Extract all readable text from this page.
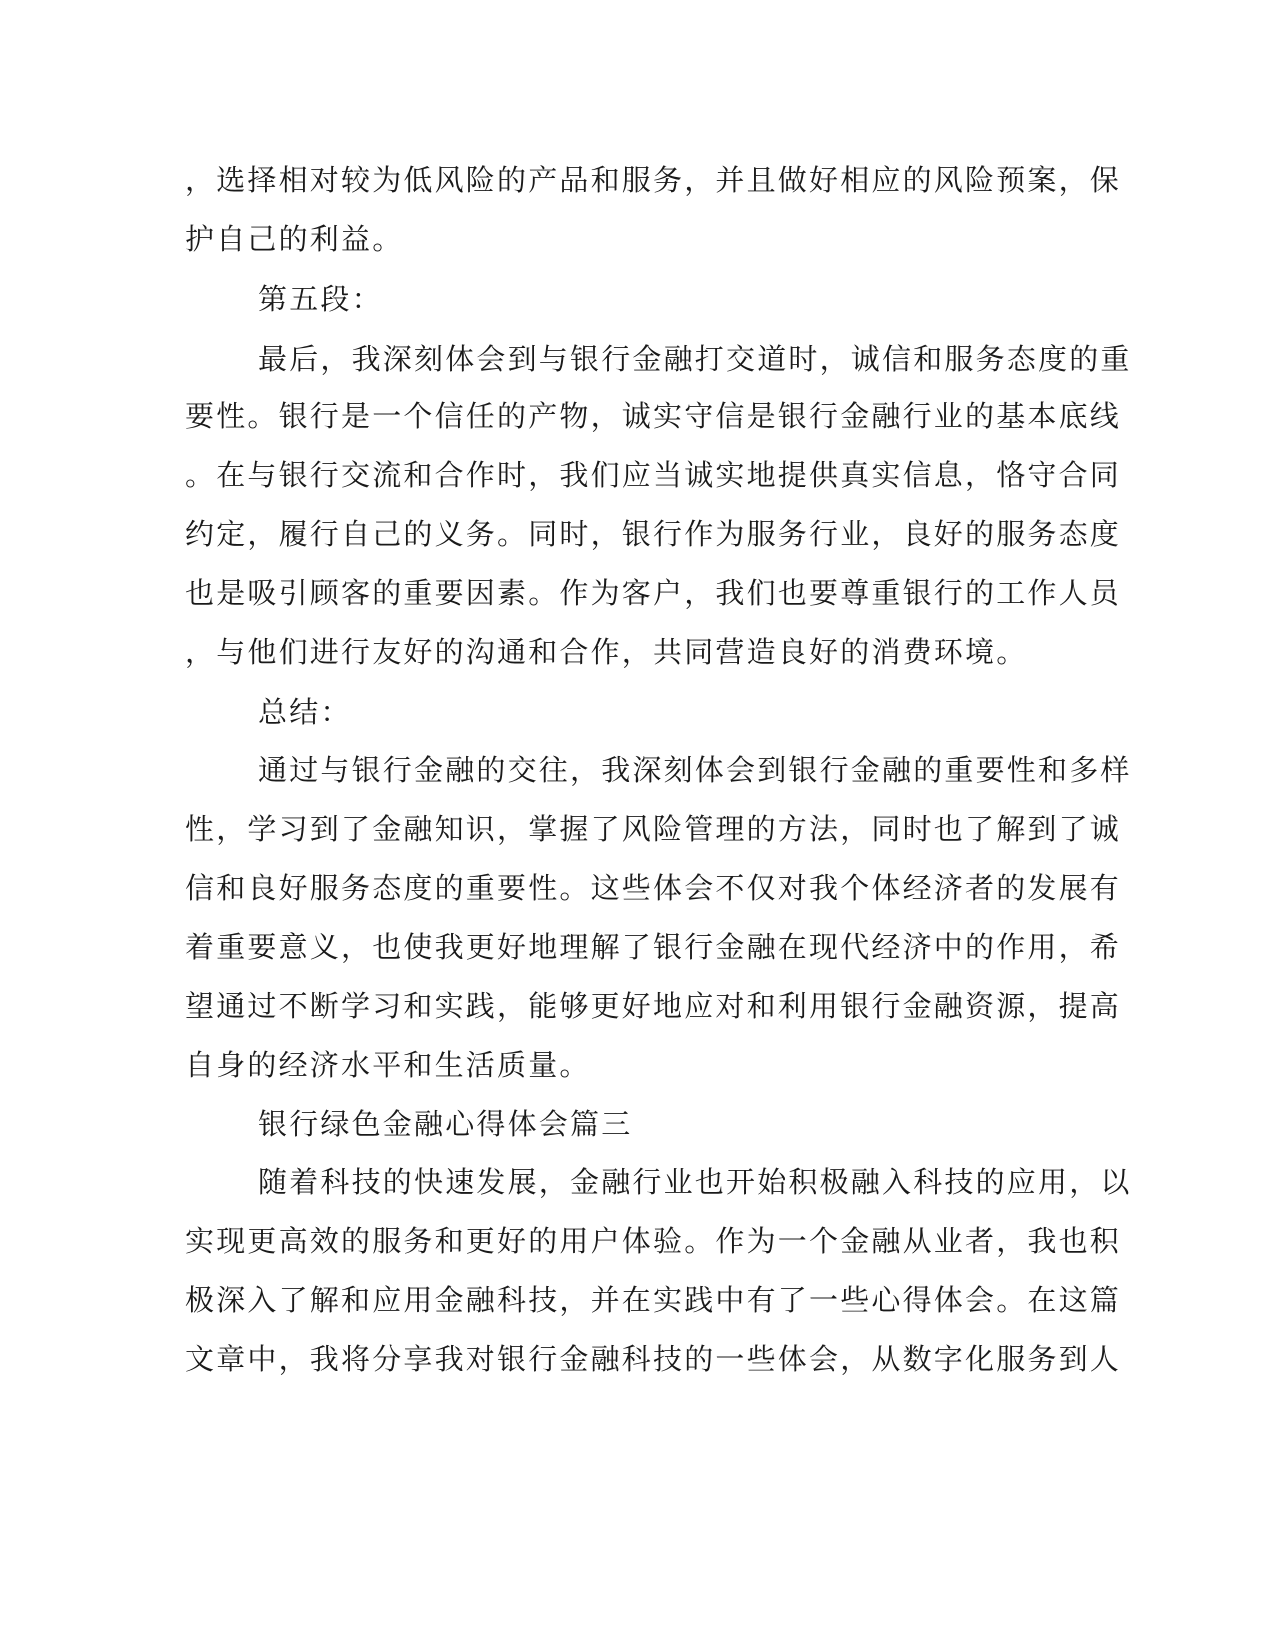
，选择相对较为低风险的产品和服务，并且做好相应的风险预案，保
护自己的利益。
第五段：
最后，我深刻体会到与银行金融打交道时，诚信和服务态度的重
要性。银行是一个信任的产物，诚实守信是银行金融行业的基本底线
。在与银行交流和合作时，我们应当诚实地提供真实信息，恪守合同
约定，履行自己的义务。同时，银行作为服务行业，良好的服务态度
也是吸引顾客的重要因素。作为客户，我们也要尊重银行的工作人员
，与他们进行友好的沟通和合作，共同营造良好的消费环境。
总结：
通过与银行金融的交往，我深刻体会到银行金融的重要性和多样
性，学习到了金融知识，掌握了风险管理的方法，同时也了解到了诚
信和良好服务态度的重要性。这些体会不仅对我个体经济者的发展有
着重要意义，也使我更好地理解了银行金融在现代经济中的作用，希
望通过不断学习和实践，能够更好地应对和利用银行金融资源，提高
自身的经济水平和生活质量。
银行绿色金融心得体会篇三
随着科技的快速发展，金融行业也开始积极融入科技的应用，以
实现更高效的服务和更好的用户体验。作为一个金融从业者，我也积
极深入了解和应用金融科技，并在实践中有了一些心得体会。在这篇
文章中，我将分享我对银行金融科技的一些体会，从数字化服务到人
